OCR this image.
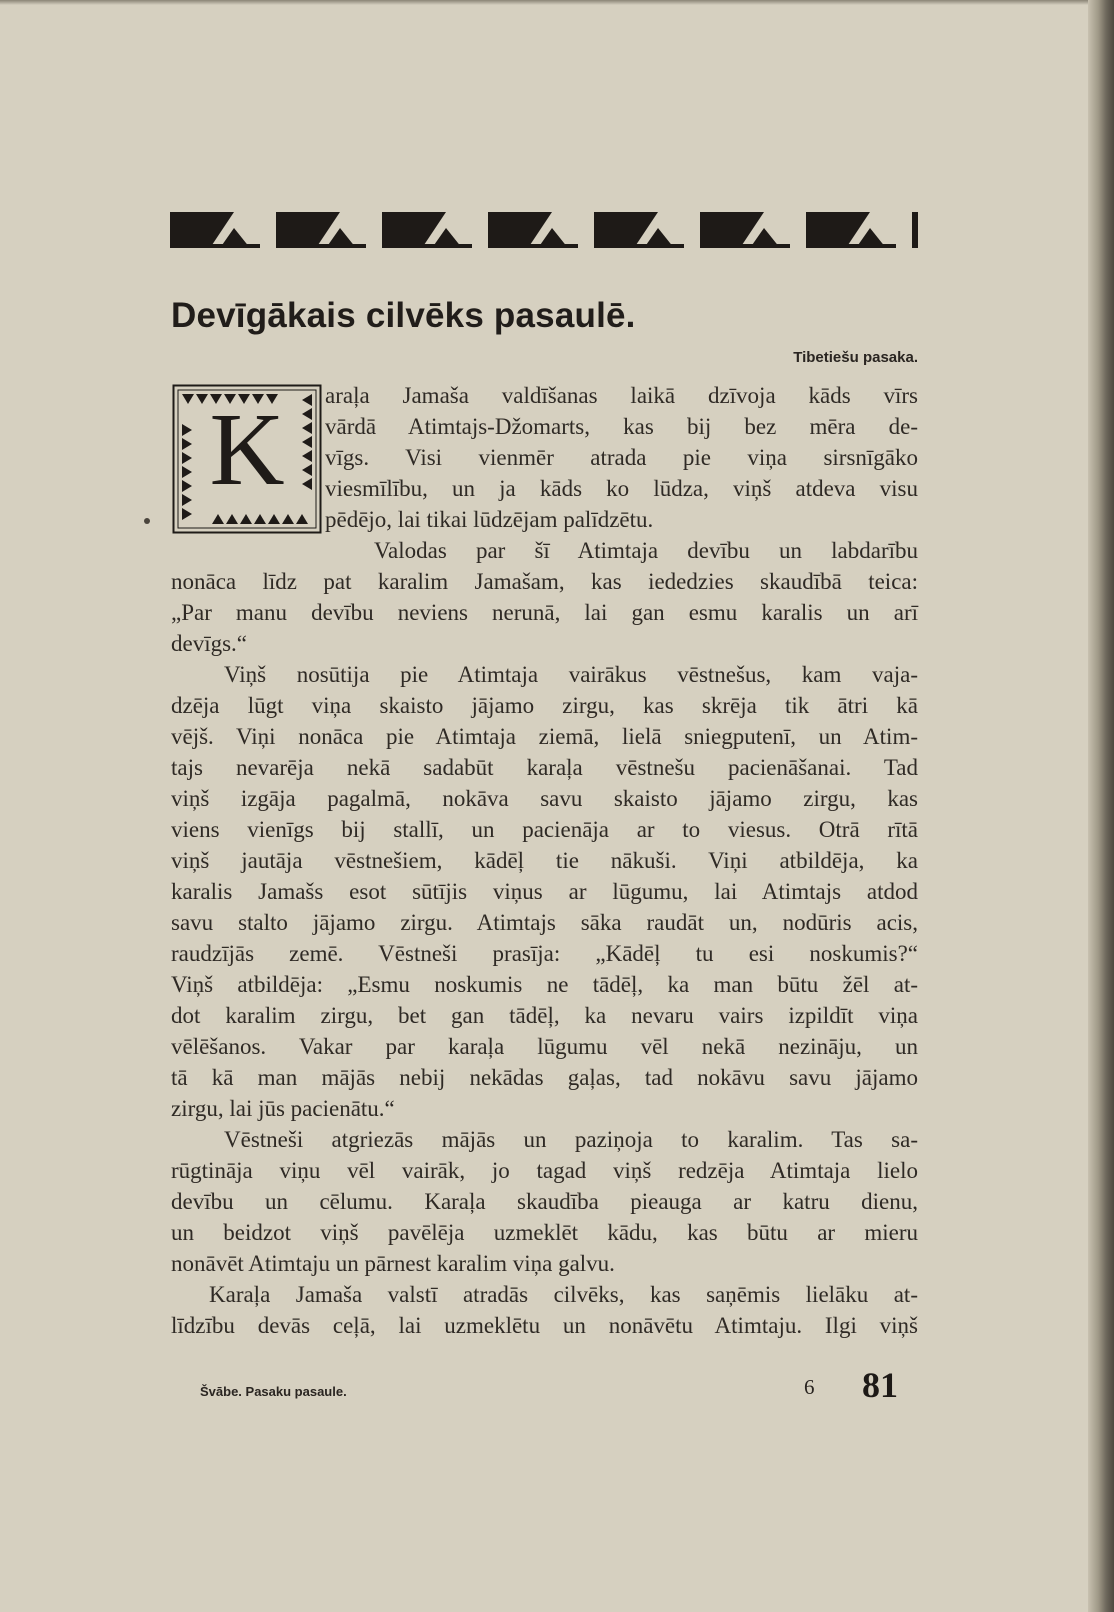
Devīgākais cilvēks pasaulē.
Tibetiešu pasaka.
K	araļa Jamaša valdīšanas laikā dzīvoja kāds vīrs

vārdā Atimtajs-Džomarts, kas bij bez mēra de-

vīgs. Visi vienmēr atrada pie viņa sirsnīgāko

viesmīlību, un ja kāds ko lūdza, viņš atdeva visu

pēdējo, lai tikai lūdzējam palīdzētu.

Valodas par šī Atimtaja devību un labdarību

nonāca līdz pat karalim Jamašam, kas iededzies skaudībā teica:

„Par manu devību neviens nerunā, lai gan esmu karalis un arī

devīgs.“

Viņš nosūtija pie Atimtaja vairākus vēstnešus, kam vaja-

dzēja lūgt viņa skaisto jājamo zirgu, kas skrēja tik ātri kā

vējš. Viņi nonāca pie Atimtaja ziemā, lielā sniegputenī, un Atim-

tajs nevarēja nekā sadabūt karaļa vēstnešu pacienāšanai. Tad

viņš izgāja pagalmā, nokāva savu skaisto jājamo zirgu, kas

viens vienīgs bij stallī, un pacienāja ar to viesus. Otrā rītā

viņš jautāja vēstnešiem, kādēļ tie nākuši. Viņi atbildēja, ka

karalis Jamašs esot sūtījis viņus ar lūgumu, lai Atimtajs atdod

savu stalto jājamo zirgu. Atimtajs sāka raudāt un, nodūris acis,

raudzījās zemē. Vēstneši prasīja: „Kādēļ tu esi noskumis?“

Viņš atbildēja: „Esmu noskumis ne tādēļ, ka man būtu žēl at-

dot karalim zirgu, bet gan tādēļ, ka nevaru vairs izpildīt viņa

vēlēšanos. Vakar par karaļa lūgumu vēl nekā nezināju, un

tā kā man mājās nebij nekādas gaļas, tad nokāvu savu jājamo

zirgu, lai jūs pacienātu.“

Vēstneši atgriezās mājās un paziņoja to karalim. Tas sa-

rūgtināja viņu vēl vairāk, jo tagad viņš redzēja Atimtaja lielo

devību un cēlumu. Karaļa skaudība pieauga ar katru dienu,

un beidzot viņš pavēlēja uzmeklēt kādu, kas būtu ar mieru

nonāvēt Atimtaju un pārnest karalim viņa galvu.

Karaļa Jamaša valstī atradās cilvēks, kas saņēmis lielāku at-

līdzību devās ceļā, lai uzmeklētu un nonāvētu Atimtaju. Ilgi viņš

Švābe. Pasaku pasaule.	6 81
